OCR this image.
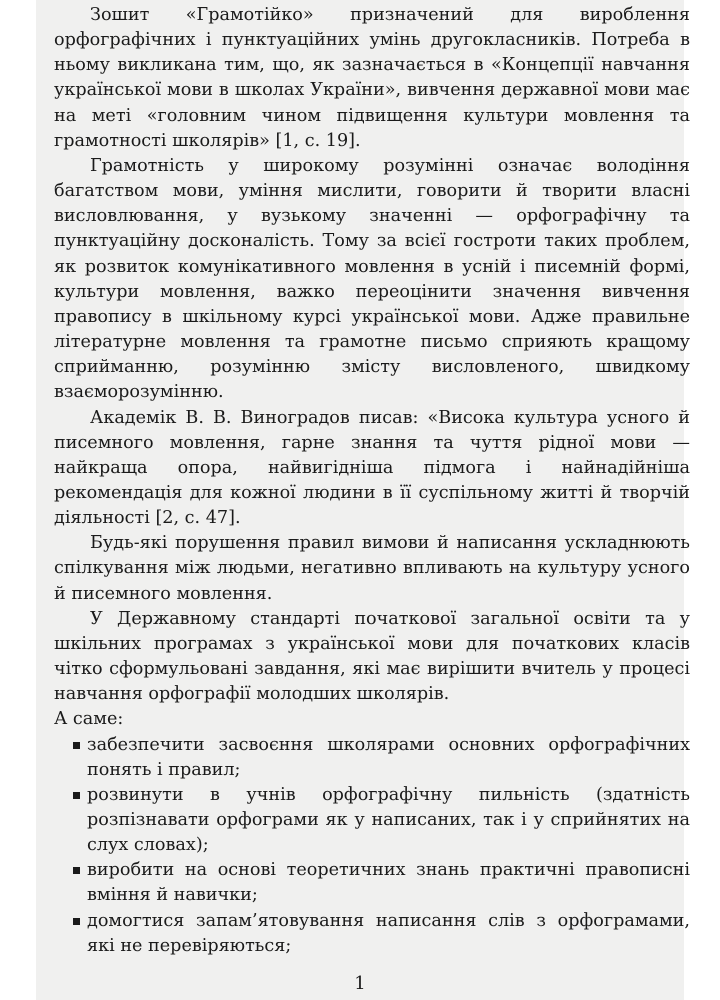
Зошит «Грамотійко» призначений для вироблення орфографічних і пунктуаційних умінь другокласників. Потреба в ньому викликана тим, що, як зазначається в «Концепції навчання української мови в школах України», вивчення державної мови має на меті «головним чином підвищення культури мовлення та грамотності школярів» [1, с. 19].

Грамотність у широкому розумінні означає володіння багатством мови, уміння мислити, говорити й творити власні висловлювання, у вузькому значенні — орфографічну та пунктуаційну досконалість. Тому за всієї гостроти таких проблем, як розвиток комунікативного мовлення в усній і писемній формі, культури мовлення, важко переоцінити значення вивчення правопису в шкільному курсі української мови. Адже правильне літературне мовлення та грамотне письмо сприяють кращому сприйманню, розумінню змісту висловленого, швидкому взаєморозумінню.

Академік В. В. Виноградов писав: «Висока культура усного й писемного мовлення, гарне знання та чуття рідної мови — найкраща опора, найвигідніша підмога і найнадійніша рекомендація для кожної людини в її суспільному житті й творчій діяльності [2, с. 47].

Будь-які порушення правил вимови й написання ускладнюють спілкування між людьми, негативно впливають на культуру усного й писемного мовлення.

У Державному стандарті початкової загальної освіти та у шкільних програмах з української мови для початкових класів чітко сформульовані завдання, які має вирішити вчитель у процесі навчання орфографії молодших школярів.

А саме:

забезпечити засвоєння школярами основних орфографічних понять і правил;
розвинути в учнів орфографічну пильність (здатність розпізнавати орфограми як у написаних, так і у сприйнятих на слух словах);
виробити на основі теоретичних знань практичні правописні вміння й навички;
домогтися запам’ятовування написання слів з орфограмами, які не перевіряються;
1
